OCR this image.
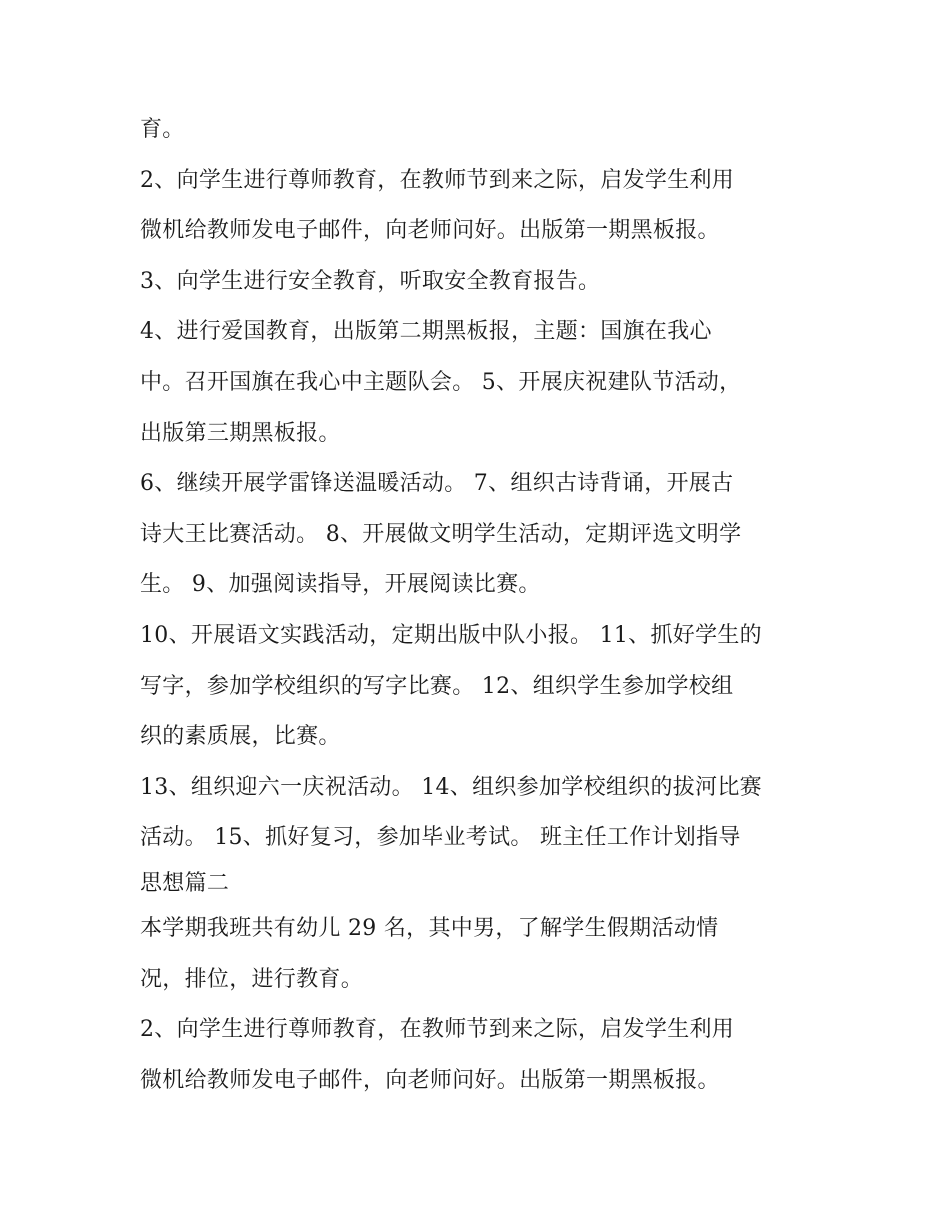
育。
2、向学生进行尊师教育，在教师节到来之际，启发学生利用
微机给教师发电子邮件，向老师问好。出版第一期黑板报。
3、向学生进行安全教育，听取安全教育报告。
4、进行爱国教育，出版第二期黑板报，主题：国旗在我心
中。召开国旗在我心中主题队会。 5、开展庆祝建队节活动，
出版第三期黑板报。
6、继续开展学雷锋送温暖活动。 7、组织古诗背诵，开展古
诗大王比赛活动。 8、开展做文明学生活动，定期评选文明学
生。 9、加强阅读指导，开展阅读比赛。
10、开展语文实践活动，定期出版中队小报。 11、抓好学生的
写字，参加学校组织的写字比赛。 12、组织学生参加学校组
织的素质展，比赛。
13、组织迎六一庆祝活动。 14、组织参加学校组织的拔河比赛
活动。 15、抓好复习，参加毕业考试。 班主任工作计划指导
思想篇二
本学期我班共有幼儿 29 名，其中男，了解学生假期活动情
况，排位，进行教育。
2、向学生进行尊师教育，在教师节到来之际，启发学生利用
微机给教师发电子邮件，向老师问好。出版第一期黑板报。
